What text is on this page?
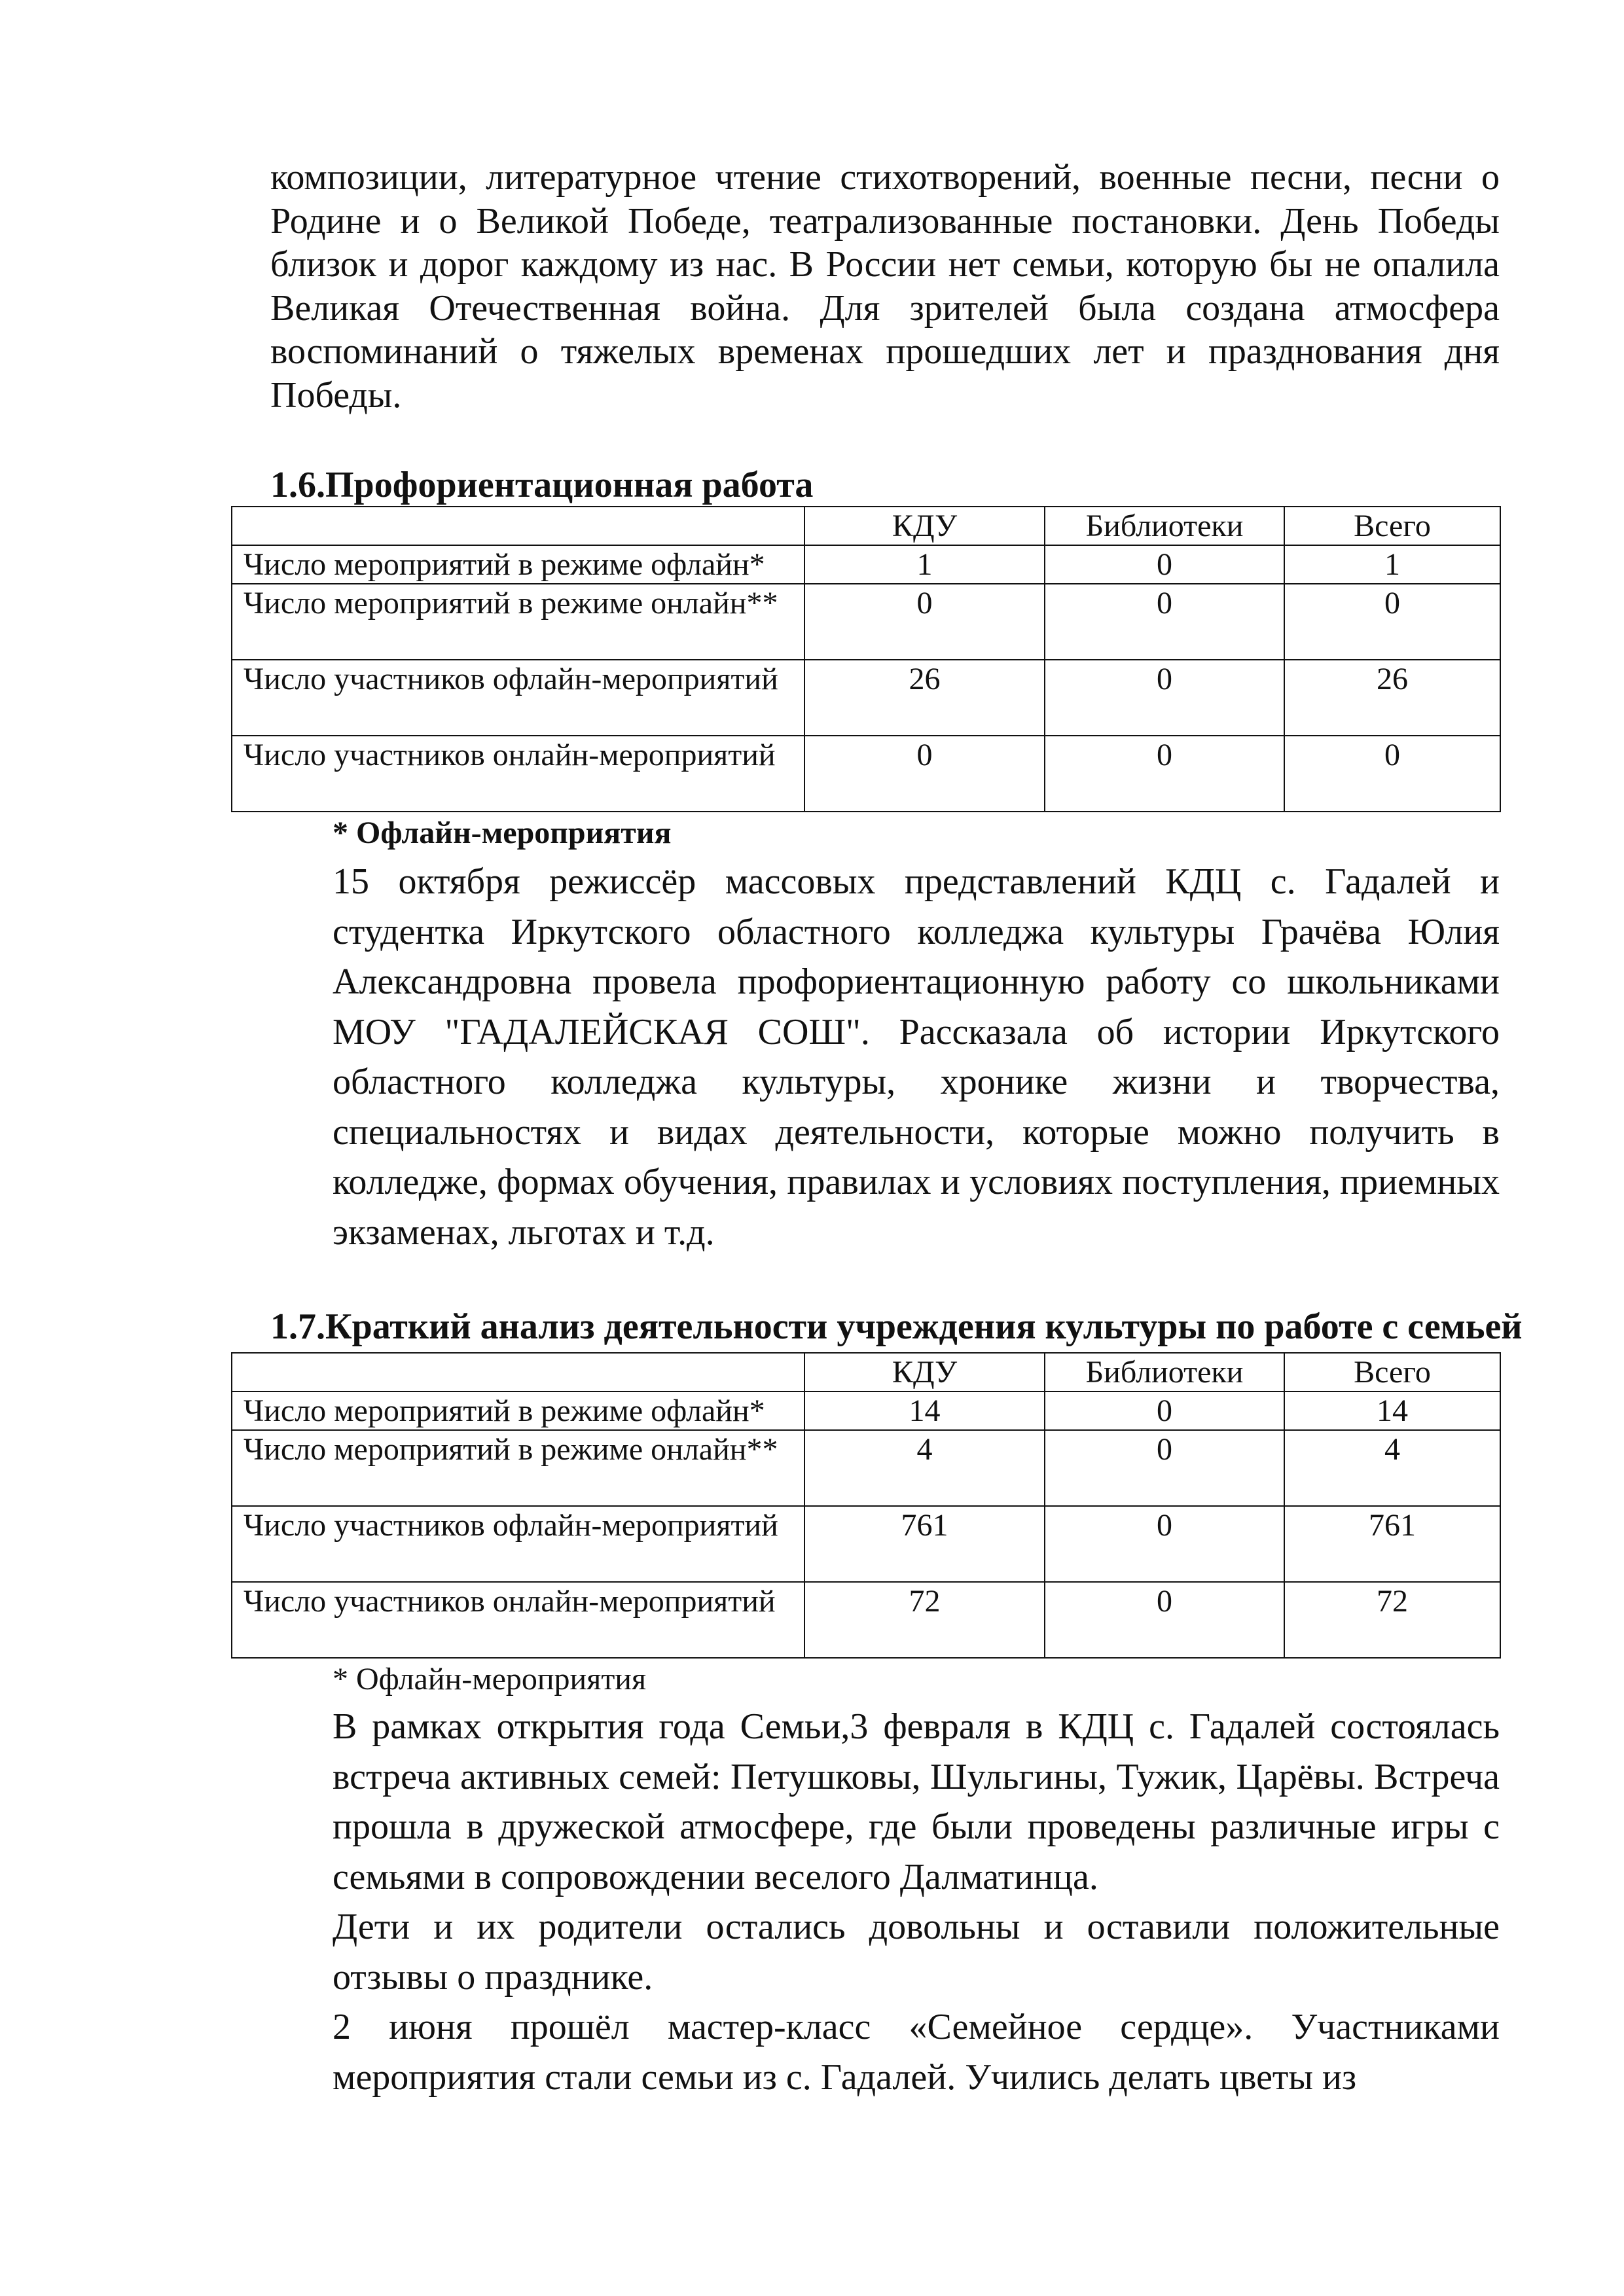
композиции, литературное чтение стихотворений, военные песни, песни о Родине и о Великой Победе, театрализованные постановки. День Победы близок и дорог каждому из нас. В России нет семьи, которую бы не опалила Великая Отечественная война. Для зрителей была создана атмосфера воспоминаний о тяжелых временах прошедших лет и празднования дня Победы.

1.6.Профориентационная работа
	КДУ	Библиотеки	Всего
Число мероприятий в режиме офлайн*	1	0	1
Число мероприятий в режиме онлайн**	0	0	0
Число участников офлайн-мероприятий	26	0	26
Число участников онлайн-мероприятий	0	0	0

* Офлайн-мероприятия

15 октября режиссёр массовых представлений КДЦ с. Гадалей и студентка Иркутского областного колледжа культуры Грачёва Юлия Александровна провела профориентационную работу со школьниками МОУ "ГАДАЛЕЙСКАЯ СОШ". Рассказала об истории Иркутского областного колледжа культуры, хронике жизни и творчества, специальностях и видах деятельности, которые можно получить в колледже, формах обучения, правилах и условиях поступления, приемных экзаменах, льготах и т.д.

1.7.Краткий анализ деятельности учреждения культуры по работе с семьей
	КДУ	Библиотеки	Всего
Число мероприятий в режиме офлайн*	14	0	14
Число мероприятий в режиме онлайн**	4	0	4
Число участников офлайн-мероприятий	761	0	761
Число участников онлайн-мероприятий	72	0	72

* Офлайн-мероприятия

В рамках открытия года Семьи,3 февраля в КДЦ с. Гадалей состоялась встреча активных семей: Петушковы, Шульгины, Тужик, Царёвы. Встреча прошла в дружеской атмосфере, где были проведены различные игры с семьями в сопровождении веселого Далматинца.

Дети и их родители остались довольны и оставили положительные отзывы о празднике.

2 июня прошёл мастер-класс «Семейное сердце». Участниками мероприятия стали семьи из с. Гадалей. Учились делать цветы из
